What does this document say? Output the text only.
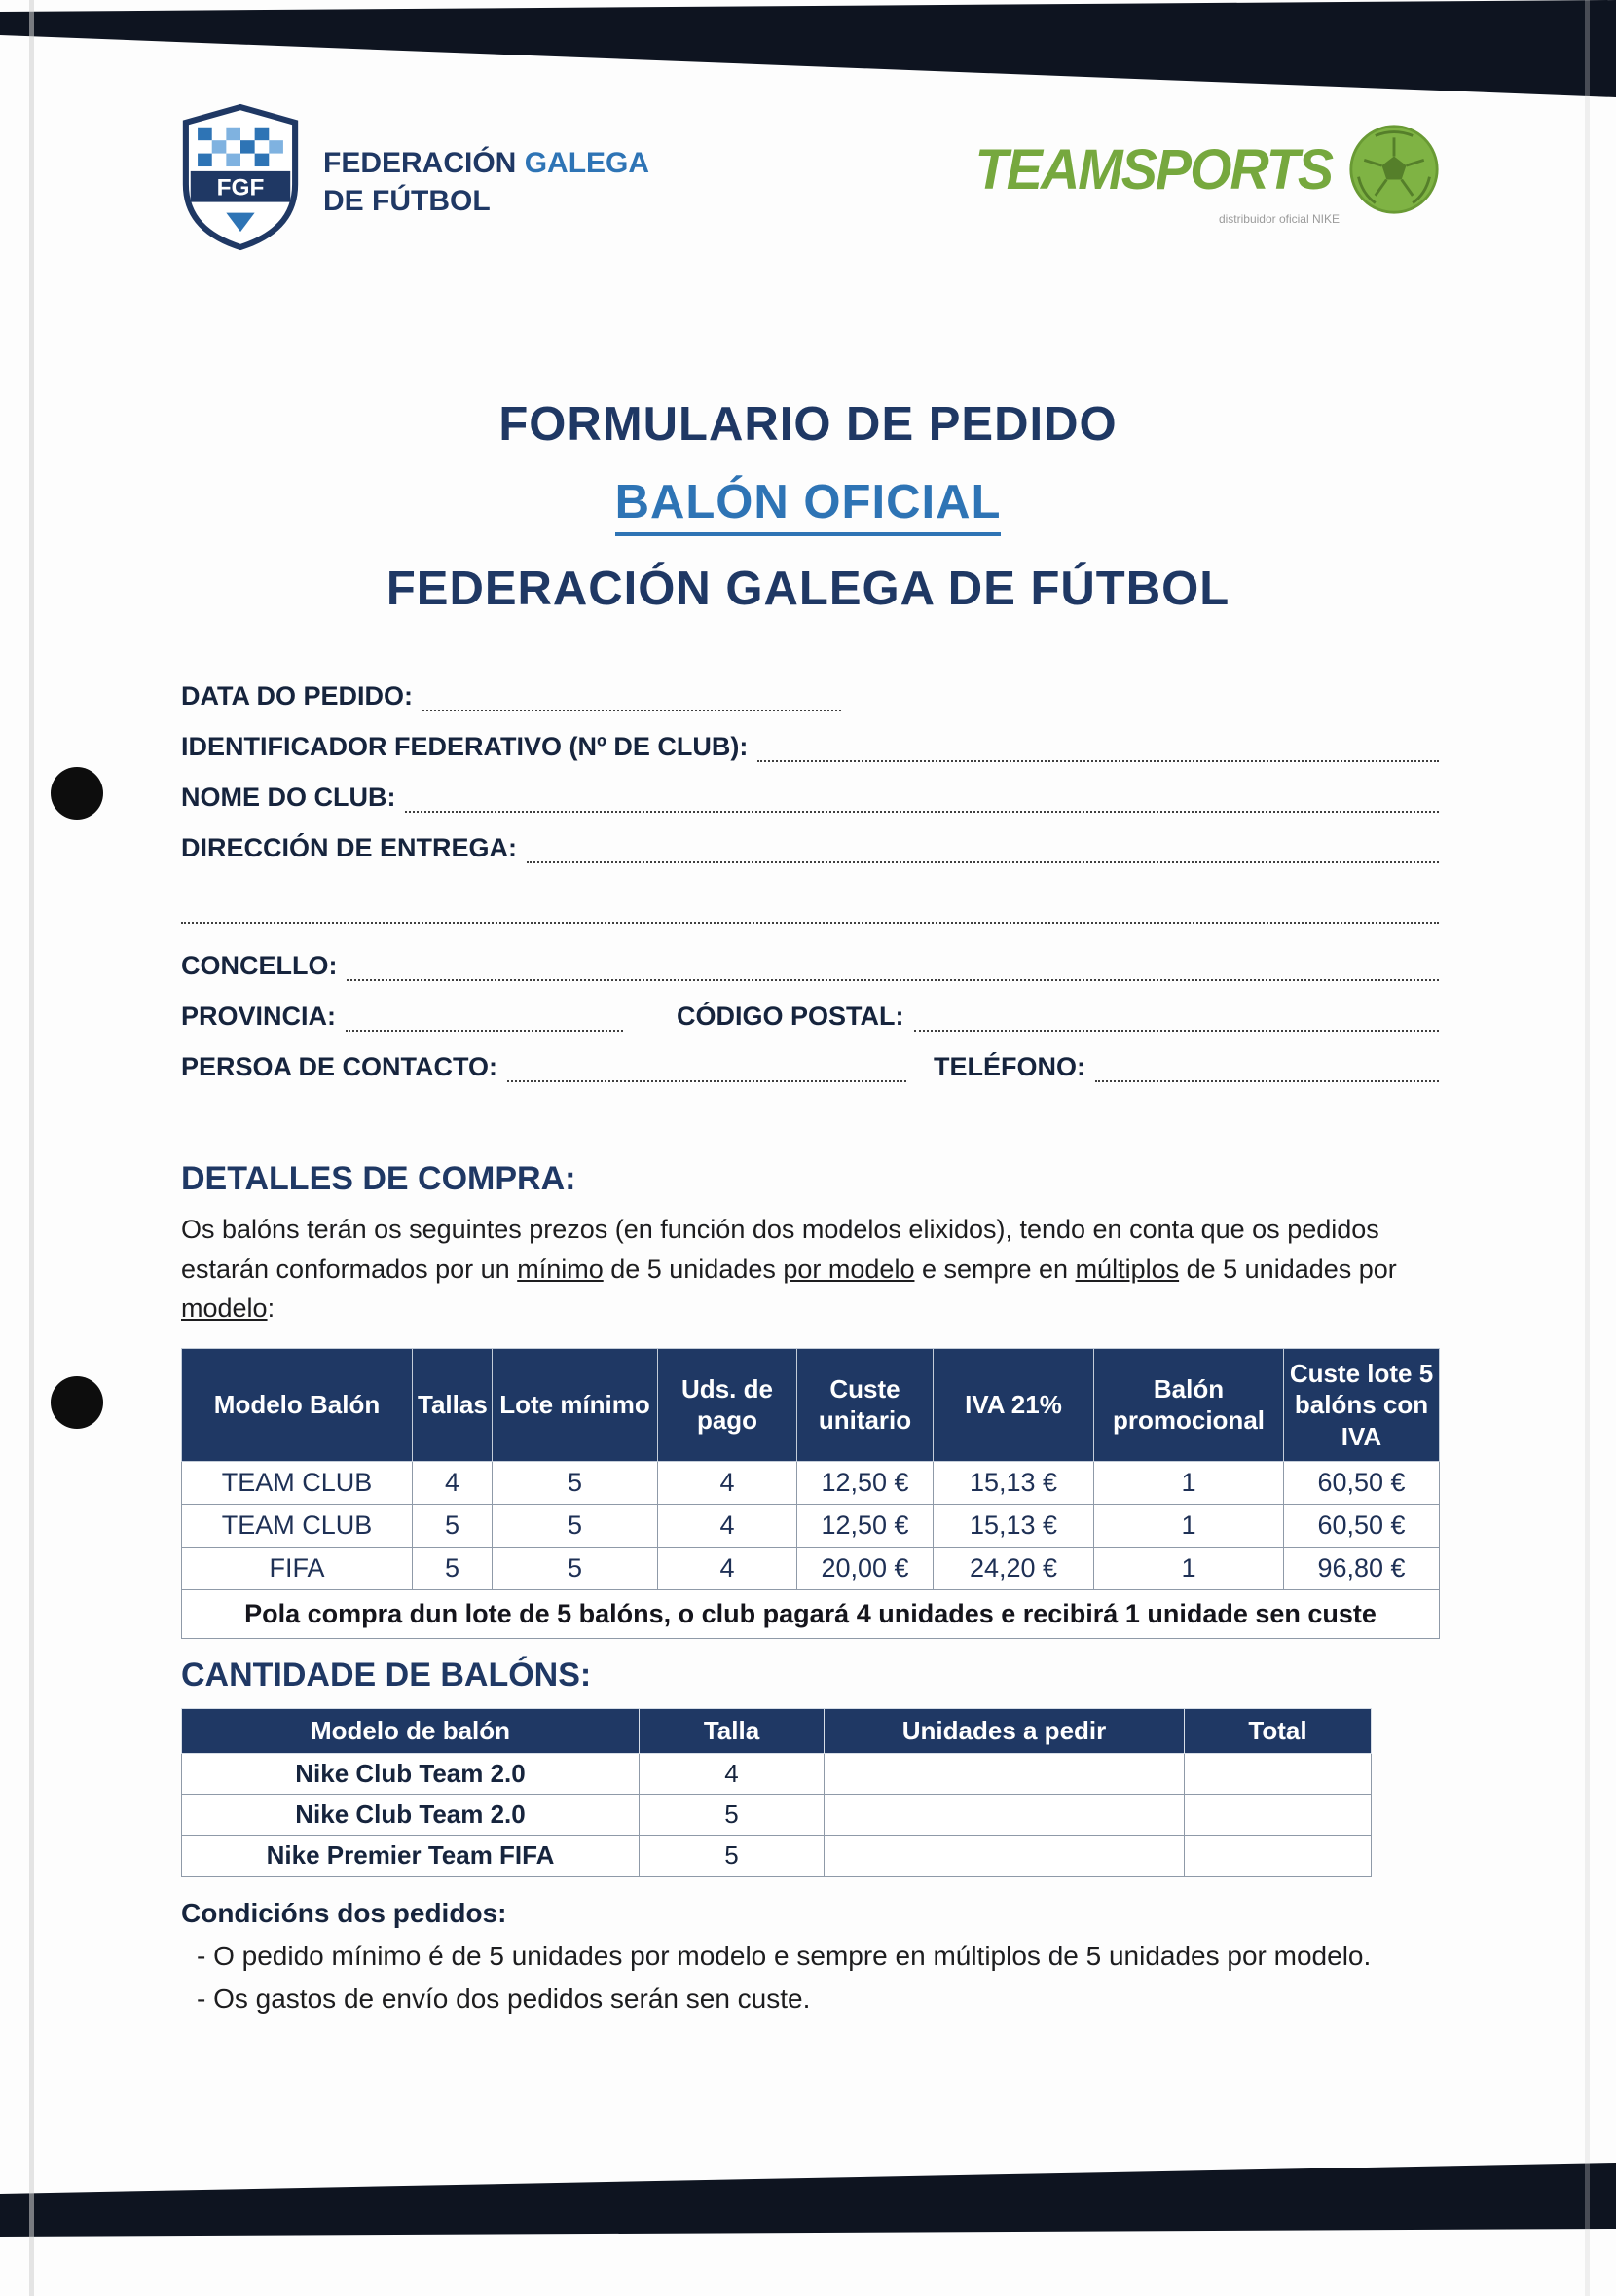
FGF
FEDERACIÓN GALEGA
DE FÚTBOL	TEAMSPORTS
distribuidor oficial NIKE
FORMULARIO DE PEDIDO
BALÓN OFICIAL
FEDERACIÓN GALEGA DE FÚTBOL
DATA DO PEDIDO:
IDENTIFICADOR FEDERATIVO (Nº DE CLUB):
NOME DO CLUB:
DIRECCIÓN DE ENTREGA:
CONCELLO:
PROVINCIA:	CÓDIGO POSTAL:
PERSOA DE CONTACTO:	TELÉFONO:
DETALLES DE COMPRA:
Os balóns terán os seguintes prezos (en función dos modelos elixidos), tendo en conta que os pedidos estarán conformados por un mínimo de 5 unidades por modelo e sempre en múltiplos de 5 unidades por modelo:
Modelo Balón	Tallas	Lote mínimo	Uds. de pago	Custe unitario	IVA 21%	Balón promocional	Custe lote 5 balóns con IVA
TEAM CLUB	4	5	4	12,50 €	15,13 €	1	60,50 €
TEAM CLUB	5	5	4	12,50 €	15,13 €	1	60,50 €
FIFA	5	5	4	20,00 €	24,20 €	1	96,80 €
Pola compra dun lote de 5 balóns, o club pagará 4 unidades e recibirá 1 unidade sen custe							
CANTIDADE DE BALÓNS:
Modelo de balón	Talla	Unidades a pedir	Total
Nike Club Team 2.0	4		
Nike Club Team 2.0	5		
Nike Premier Team FIFA	5		
Condicións dos pedidos:
- O pedido mínimo é de 5 unidades por modelo e sempre en múltiplos de 5 unidades por modelo.
- Os gastos de envío dos pedidos serán sen custe.
